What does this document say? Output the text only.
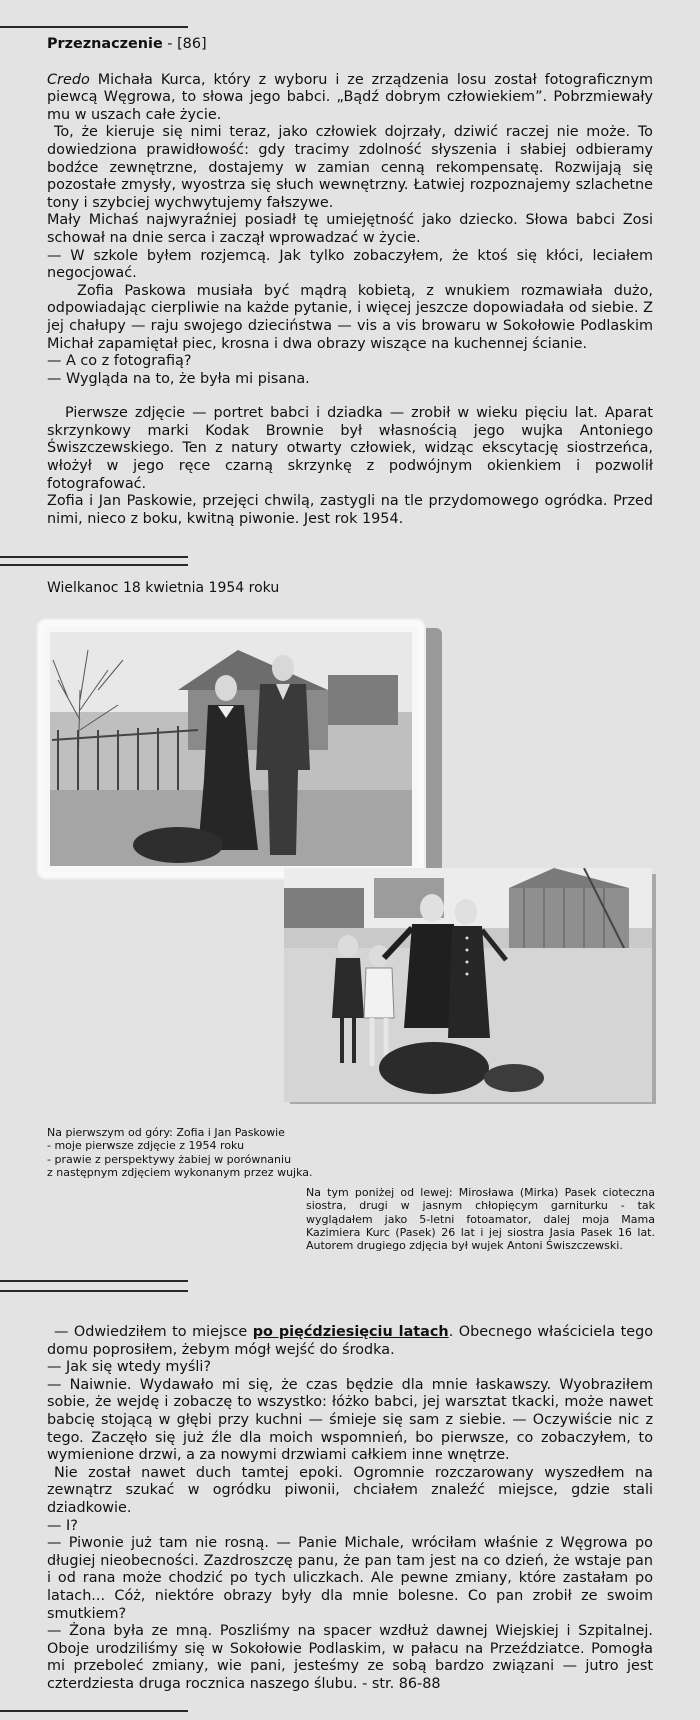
Przeznaczenie - [86]

Credo Michała Kurca, który z wyboru i ze zrządzenia losu został fotograficznym piewcą Węgrowa, to słowa jego babci. „Bądź dobrym człowiekiem”. Pobrzmiewały mu w uszach całe życie.

To, że kieruje się nimi teraz, jako człowiek dojrzały, dziwić raczej nie może. To dowiedziona prawidłowość: gdy tracimy zdolność słyszenia i słabiej odbieramy bodźce zewnętrzne, dostajemy w zamian cenną rekompensatę. Rozwijają się pozostałe zmysły, wyostrza się słuch wewnętrzny. Łatwiej rozpoznajemy szlachetne tony i szybciej wychwytujemy fałszywe.

Mały Michaś najwyraźniej posiadł tę umiejętność jako dziecko. Słowa babci Zosi schował na dnie serca i zaczął wprowadzać w życie.

— W szkole byłem rozjemcą. Jak tylko zobaczyłem, że ktoś się kłóci, leciałem negocjować.

Zofia Paskowa musiała być mądrą kobietą, z wnukiem rozmawiała dużo, odpowiadając cierpliwie na każde pytanie, i więcej jeszcze dopowiadała od siebie. Z jej chałupy — raju swojego dzieciństwa — vis a vis browaru w Sokołowie Podlaskim Michał zapamiętał piec, krosna i dwa obrazy wiszące na kuchennej ścianie.

— A co z fotografią?

— Wygląda na to, że była mi pisana.

Pierwsze zdjęcie — portret babci i dziadka — zrobił w wieku pięciu lat. Aparat skrzynkowy marki Kodak Brownie był własnością jego wujka Antoniego Świszczewskiego. Ten z natury otwarty człowiek, widząc ekscytację siostrzeńca, włożył w jego ręce czarną skrzynkę z podwójnym okienkiem i pozwolił fotografować.

Zofia i Jan Paskowie, przejęci chwilą, zastygli na tle przydomowego ogródka. Przed nimi, nieco z boku, kwitną piwonie. Jest rok 1954.

Wielkanoc 18 kwietnia 1954 roku

Na pierwszym od góry: Zofia i Jan Paskowie

- moje pierwsze zdjęcie z 1954 roku

- prawie z perspektywy żabiej w porównaniu

z następnym zdjęciem wykonanym przez wujka.

Na tym poniżej od lewej: Mirosława (Mirka) Pasek cioteczna siostra, drugi w jasnym chłopięcym garniturku - tak wyglądałem jako 5-letni fotoamator, dalej moja Mama Kazimiera Kurc (Pasek) 26 lat i jej siostra Jasia Pasek 16 lat. Autorem drugiego zdjęcia był wujek Antoni Świszczewski.

— Odwiedziłem to miejsce po pięćdziesięciu latach. Obecnego właściciela tego domu poprosiłem, żebym mógł wejść do środka.

— Jak się wtedy myśli?

— Naiwnie. Wydawało mi się, że czas będzie dla mnie łaskawszy. Wyobraziłem sobie, że wejdę i zobaczę to wszystko: łóżko babci, jej warsztat tkacki, może nawet babcię stojącą w głębi przy kuchni — śmieje się sam z siebie. — Oczywiście nic z tego. Zaczęło się już źle dla moich wspomnień, bo pierwsze, co zobaczyłem, to wymienione drzwi, a za nowymi drzwiami całkiem inne wnętrze.

Nie został nawet duch tamtej epoki. Ogromnie rozczarowany wyszedłem na zewnątrz szukać w ogródku piwonii, chciałem znaleźć miejsce, gdzie stali dziadkowie.

— I?

— Piwonie już tam nie rosną. — Panie Michale, wróciłam właśnie z Węgrowa po długiej nieobecności. Zazdroszczę panu, że pan tam jest na co dzień, że wstaje pan i od rana może chodzić po tych uliczkach. Ale pewne zmiany, które zastałam po latach... Cóż, niektóre obrazy były dla mnie bolesne. Co pan zrobił ze swoim smutkiem?

— Żona była ze mną. Poszliśmy na spacer wzdłuż dawnej Wiejskiej i Szpitalnej. Oboje urodziliśmy się w Sokołowie Podlaskim, w pałacu na Przeździatce. Pomogła mi przeboleć zmiany, wie pani, jesteśmy ze sobą bardzo związani — jutro jest czterdziesta druga rocznica naszego ślubu. - str. 86-88
